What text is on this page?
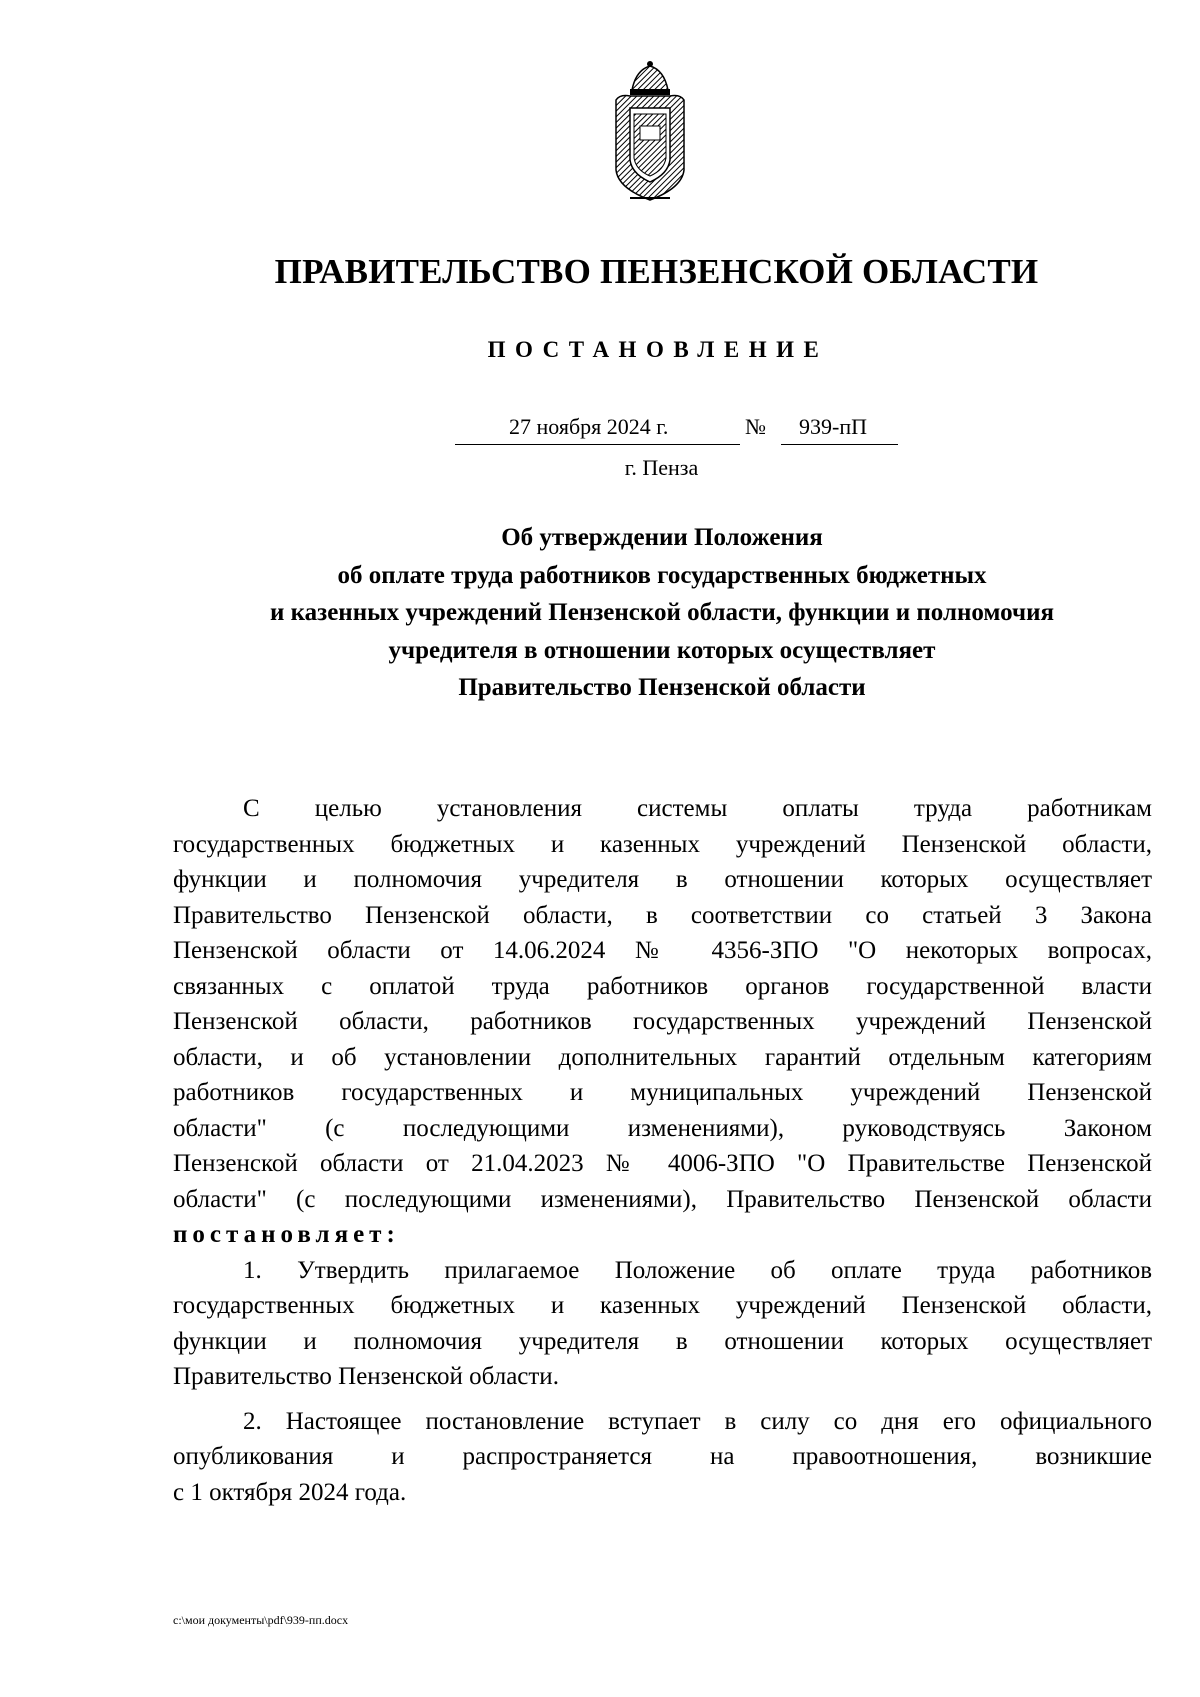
ПРАВИТЕЛЬСТВО ПЕНЗЕНСКОЙ ОБЛАСТИ
ПОСТАНОВЛЕНИЕ
27 ноября 2024 г.	№ 939-пП
г. Пенза
Об утверждении Положения
об оплате труда работников государственных бюджетных
и казенных учреждений Пензенской области, функции и полномочия
учредителя в отношении которых осуществляет
Правительство Пензенской области
С целью установления системы оплаты труда работникам
государственных бюджетных и казенных учреждений Пензенской области,
функции и полномочия учредителя в отношении которых осуществляет
Правительство Пензенской области, в соответствии со статьей 3 Закона
Пензенской области от 14.06.2024 № 4356-ЗПО "О некоторых вопросах,
связанных с оплатой труда работников органов государственной власти
Пензенской области, работников государственных учреждений Пензенской
области, и об установлении дополнительных гарантий отдельным категориям
работников государственных и муниципальных учреждений Пензенской
области" (с последующими изменениями), руководствуясь Законом
Пензенской области от 21.04.2023 № 4006-ЗПО "О Правительстве Пензенской
области" (с последующими изменениями), Правительство Пензенской области
постановляет:
1. Утвердить прилагаемое Положение об оплате труда работников
государственных бюджетных и казенных учреждений Пензенской области,
функции и полномочия учредителя в отношении которых осуществляет
Правительство Пензенской области.
2. Настоящее постановление вступает в силу со дня его официального
опубликования и распространяется на правоотношения, возникшие
с 1 октября 2024 года.
c:\мои документы\pdf\939-пп.docx
